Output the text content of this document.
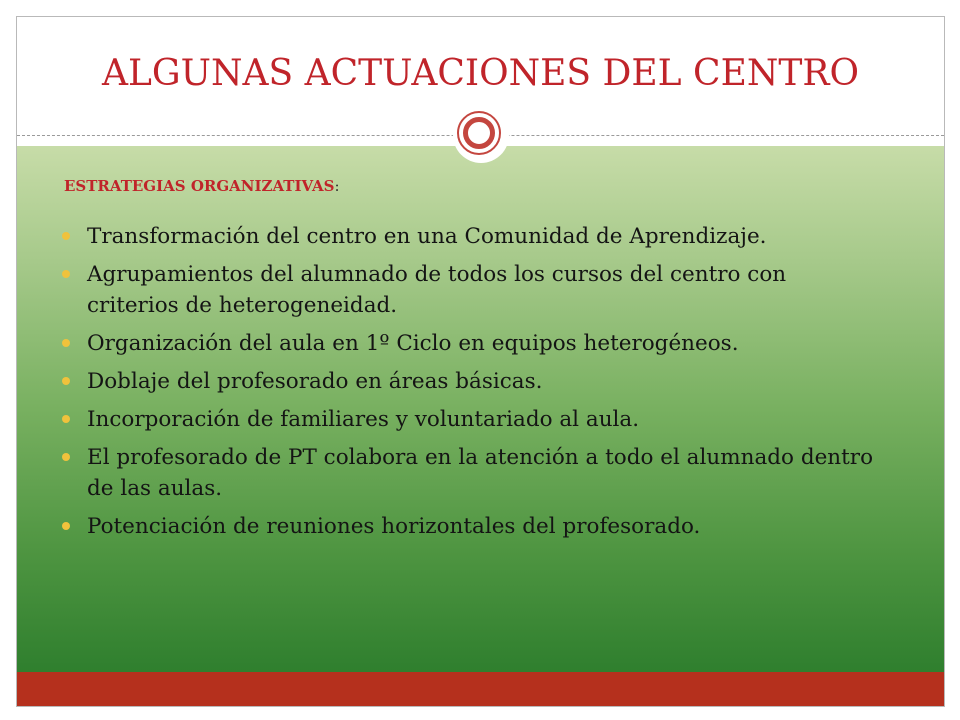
ALGUNAS ACTUACIONES DEL CENTRO
ESTRATEGIAS ORGANIZATIVAS:
Transformación del centro en una Comunidad de Aprendizaje.
Agrupamientos del alumnado de todos los cursos del centro con criterios de heterogeneidad.
Organización del aula en 1º Ciclo en equipos heterogéneos.
Doblaje del profesorado en áreas básicas.
Incorporación de familiares y voluntariado al aula.
El profesorado de PT colabora en la atención a todo el alumnado dentro de las aulas.
Potenciación de reuniones horizontales del profesorado.
